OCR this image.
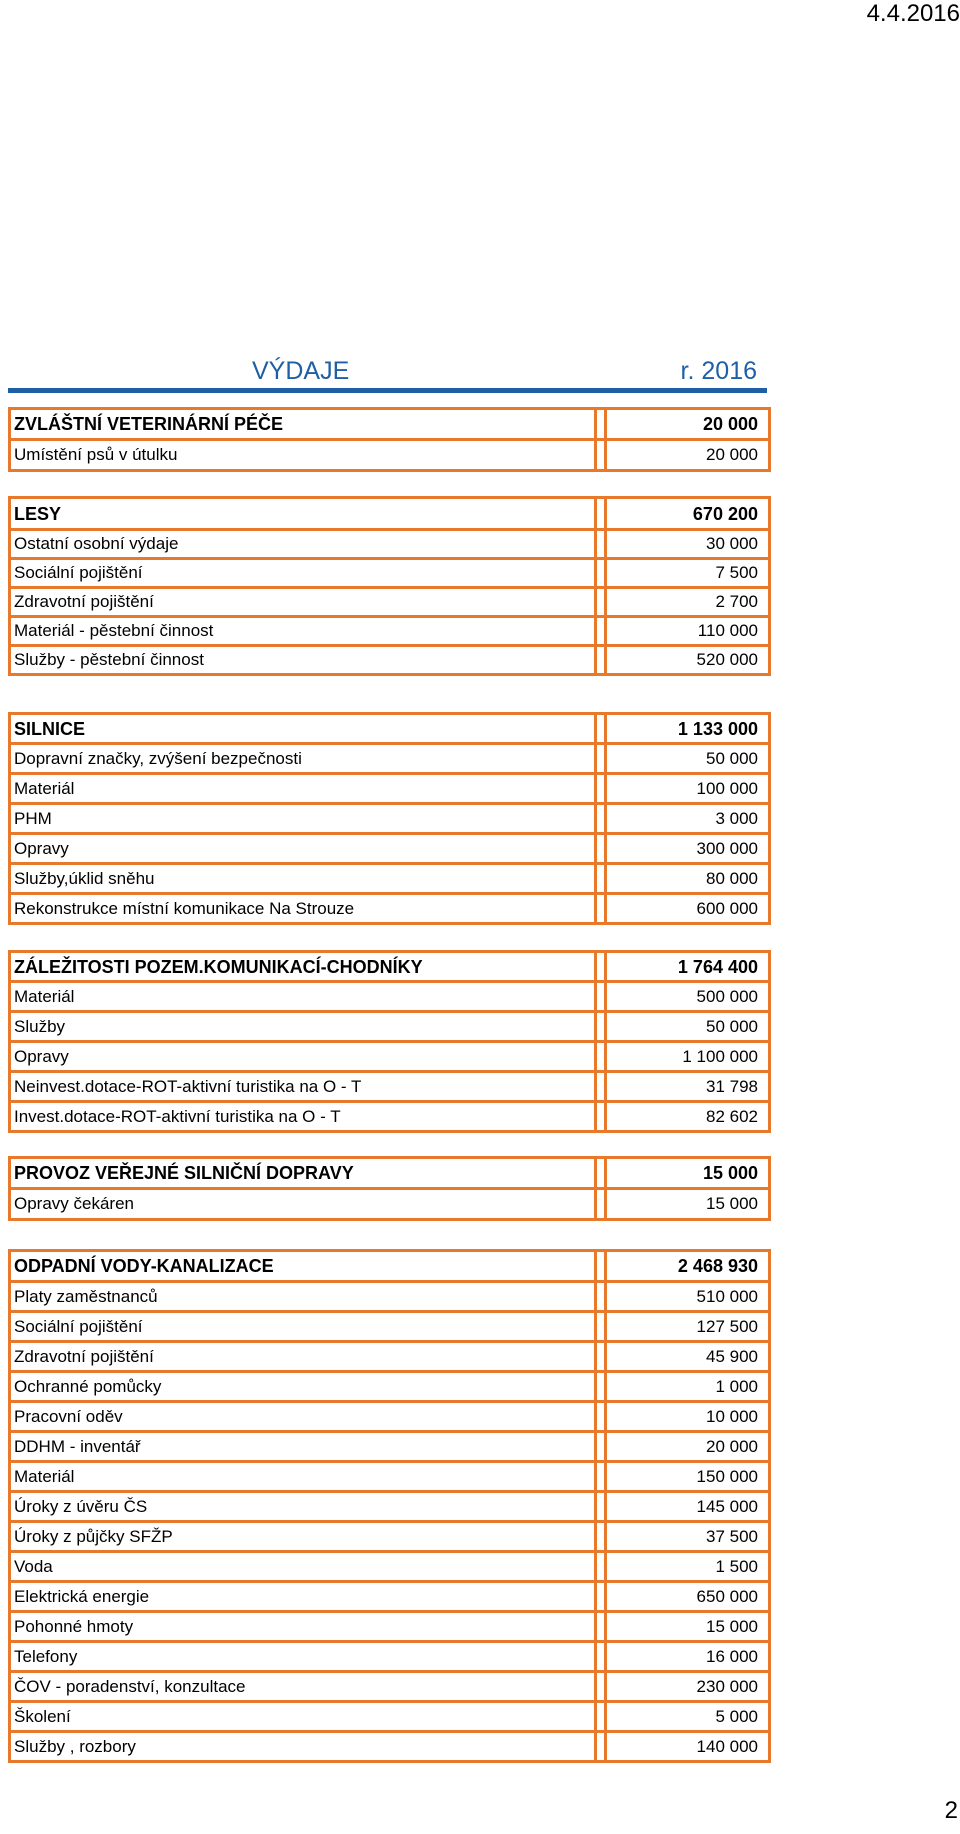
4.4.2016
VÝDAJE	r. 2016
ZVLÁŠTNÍ VETERINÁRNÍ PÉČE		20 000
Umístění psů v útulku		20 000
LESY		670 200
Ostatní osobní výdaje		30 000
Sociální pojištění		7 500
Zdravotní pojištění		2 700
Materiál - pěstební činnost		110 000
Služby - pěstební činnost		520 000
SILNICE		1 133 000
Dopravní značky, zvýšení bezpečnosti		50 000
Materiál		100 000
PHM		3 000
Opravy		300 000
Služby,úklid sněhu		80 000
Rekonstrukce místní komunikace Na Strouze		600 000
ZÁLEŽITOSTI POZEM.KOMUNIKACÍ-CHODNÍKY		1 764 400
Materiál		500 000
Služby		50 000
Opravy		1 100 000
Neinvest.dotace-ROT-aktivní turistika na O - T		31 798
Invest.dotace-ROT-aktivní turistika na O - T		82 602
PROVOZ VEŘEJNÉ SILNIČNÍ DOPRAVY		15 000
Opravy čekáren		15 000
ODPADNÍ VODY-KANALIZACE		2 468 930
Platy zaměstnanců		510 000
Sociální pojištění		127 500
Zdravotní pojištění		45 900
Ochranné pomůcky		1 000
Pracovní oděv		10 000
DDHM - inventář		20 000
Materiál		150 000
Úroky z úvěru ČS		145 000
Úroky z půjčky SFŽP		37 500
Voda		1 500
Elektrická energie		650 000
Pohonné hmoty		15 000
Telefony		16 000
ČOV - poradenství, konzultace		230 000
Školení		5 000
Služby , rozbory		140 000
2
